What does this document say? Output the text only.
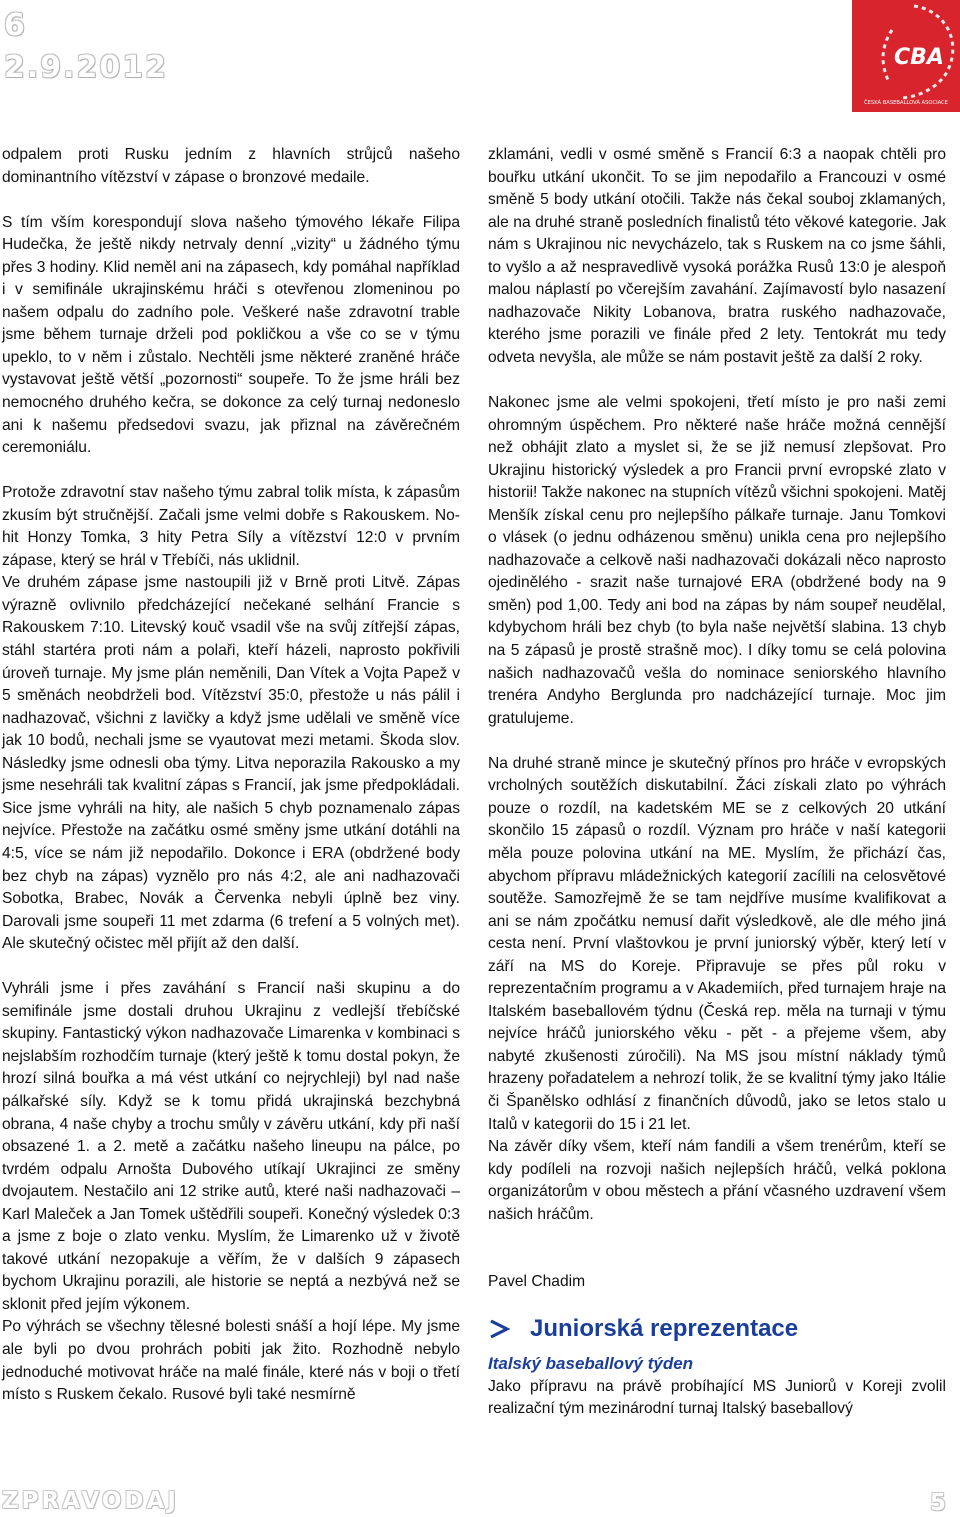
6
2.9.2012	CBA
ČESKÁ BASEBALLOVÁ ASOCIACE

odpalem proti Rusku jedním z hlavních strůjců našeho dominantního vítězství v zápase o bronzové medaile.

S tím vším korespondují slova našeho týmového lékaře Filipa Hudečka, že ještě nikdy netrvaly denní „vizity“ u žádného týmu přes 3 hodiny. Klid neměl ani na zápasech, kdy pomáhal například i v semifinále ukrajinskému hráči s otevřenou zlomeninou po našem odpalu do zadního pole. Veškeré naše zdravotní trable jsme během turnaje drželi pod pokličkou a vše co se v týmu upeklo, to v něm i zůstalo. Nechtěli jsme některé zraněné hráče vystavovat ještě větší „pozornosti“ soupeře. To že jsme hráli bez nemocného druhého kečra, se dokonce za celý turnaj nedoneslo ani k našemu předsedovi svazu, jak přiznal na závěrečném ceremoniálu.

Protože zdravotní stav našeho týmu zabral tolik místa, k zápasům zkusím být stručnější. Začali jsme velmi dobře s Rakouskem. No-hit Honzy Tomka, 3 hity Petra Síly a vítězství 12:0 v prvním zápase, který se hrál v Třebíči, nás uklidnil.

Ve druhém zápase jsme nastoupili již v Brně proti Litvě. Zápas výrazně ovlivnilo předcházející nečekané selhání Francie s Rakouskem 7:10. Litevský kouč vsadil vše na svůj zítřejší zápas, stáhl startéra proti nám a polaři, kteří házeli, naprosto pokřivili úroveň turnaje. My jsme plán neměnili, Dan Vítek a Vojta Papež v 5 směnách neobdrželi bod. Vítězství 35:0, přestože u nás pálil i nadhazovač, všichni z lavičky a když jsme udělali ve směně více jak 10 bodů, nechali jsme se vyautovat mezi metami. Škoda slov. Následky jsme odnesli oba týmy. Litva neporazila Rakousko a my jsme nesehráli tak kvalitní zápas s Francií, jak jsme předpokládali. Sice jsme vyhráli na hity, ale našich 5 chyb poznamenalo zápas nejvíce. Přestože na začátku osmé směny jsme utkání dotáhli na 4:5, více se nám již nepodařilo. Dokonce i ERA (obdržené body bez chyb na zápas) vyznělo pro nás 4:2, ale ani nadhazovači Sobotka, Brabec, Novák a Červenka nebyli úplně bez viny. Darovali jsme soupeři 11 met zdarma (6 trefení a 5 volných met). Ale skutečný očistec měl přijít až den další.

Vyhráli jsme i přes zaváhání s Francií naši skupinu a do semifinále jsme dostali druhou Ukrajinu z vedlejší třebíčské skupiny. Fantastický výkon nadhazovače Limarenka v kombinaci s nejslabším rozhodčím turnaje (který ještě k tomu dostal pokyn, že hrozí silná bouřka a má vést utkání co nejrychleji) byl nad naše pálkařské síly. Když se k tomu přidá ukrajinská bezchybná obrana, 4 naše chyby a trochu smůly v závěru utkání, kdy při naší obsazené 1. a 2. metě a začátku našeho lineupu na pálce, po tvrdém odpalu Arnošta Dubového utíkají Ukrajinci ze směny dvojautem. Nestačilo ani 12 strike autů, které naši nadhazovači – Karl Maleček a Jan Tomek uštědřili soupeři. Konečný výsledek 0:3 a jsme z boje o zlato venku. Myslím, že Limarenko už v životě takové utkání nezopakuje a věřím, že v dalších 9 zápasech bychom Ukrajinu porazili, ale historie se neptá a nezbývá než se sklonit před jejím výkonem.

Po výhrách se všechny tělesné bolesti snáší a hojí lépe. My jsme ale byli po dvou prohrách pobiti jak žito. Rozhodně nebylo jednoduché motivovat hráče na malé finále, které nás v boji o třetí místo s Ruskem čekalo. Rusové byli také nesmírně

zklamáni, vedli v osmé směně s Francií 6:3 a naopak chtěli pro bouřku utkání ukončit. To se jim nepodařilo a Francouzi v osmé směně 5 body utkání otočili. Takže nás čekal souboj zklamaných, ale na druhé straně posledních finalistů této věkové kategorie. Jak nám s Ukrajinou nic nevycházelo, tak s Ruskem na co jsme šáhli, to vyšlo a až nespravedlivě vysoká porážka Rusů 13:0 je alespoň malou náplastí po včerejším zavahání. Zajímavostí bylo nasazení nadhazovače Nikity Lobanova, bratra ruského nadhazovače, kterého jsme porazili ve finále před 2 lety. Tentokrát mu tedy odveta nevyšla, ale může se nám postavit ještě za další 2 roky.

Nakonec jsme ale velmi spokojeni, třetí místo je pro naši zemi ohromným úspěchem. Pro některé naše hráče možná cennější než obhájit zlato a myslet si, že se již nemusí zlepšovat. Pro Ukrajinu historický výsledek a pro Francii první evropské zlato v historii! Takže nakonec na stupních vítězů všichni spokojeni. Matěj Menšík získal cenu pro nejlepšího pálkaře turnaje. Janu Tomkovi o vlásek (o jednu odházenou směnu) unikla cena pro nejlepšího nadhazovače a celkově naši nadhazovači dokázali něco naprosto ojedinělého - srazit naše turnajové ERA (obdržené body na 9 směn) pod 1,00. Tedy ani bod na zápas by nám soupeř neudělal, kdybychom hráli bez chyb (to byla naše největší slabina. 13 chyb na 5 zápasů je prostě strašně moc). I díky tomu se celá polovina našich nadhazovačů vešla do nominace seniorského hlavního trenéra Andyho Berglunda pro nadcházející turnaje. Moc jim gratulujeme.

Na druhé straně mince je skutečný přínos pro hráče v evropských vrcholných soutěžích diskutabilní. Žáci získali zlato po výhrách pouze o rozdíl, na kadetském ME se z celkových 20 utkání skončilo 15 zápasů o rozdíl. Význam pro hráče v naší kategorii měla pouze polovina utkání na ME. Myslím, že přichází čas, abychom přípravu mládežnických kategorií zacílili na celosvětové soutěže. Samozřejmě že se tam nejdříve musíme kvalifikovat a ani se nám zpočátku nemusí dařit výsledkově, ale dle mého jiná cesta není. První vlaštovkou je první juniorský výběr, který letí v září na MS do Koreje. Připravuje se přes půl roku v reprezentačním programu a v Akademiích, před turnajem hraje na Italském baseballovém týdnu (Česká rep. měla na turnaji v týmu nejvíce hráčů juniorského věku - pět - a přejeme všem, aby nabyté zkušenosti zúročili). Na MS jsou místní náklady týmů hrazeny pořadatelem a nehrozí tolik, že se kvalitní týmy jako Itálie či Španělsko odhlásí z finančních důvodů, jako se letos stalo u Italů v kategorii do 15 i 21 let.

Na závěr díky všem, kteří nám fandili a všem trenérům, kteří se kdy podíleli na rozvoji našich nejlepších hráčů, velká poklona organizátorům v obou městech a přání včasného uzdravení všem našich hráčům.

Pavel Chadim

Juniorská reprezentace

Italský baseballový týden

Jako přípravu na právě probíhající MS Juniorů v Koreji zvolil realizační tým mezinárodní turnaj Italský baseballový

ZPRAVODAJ	5
